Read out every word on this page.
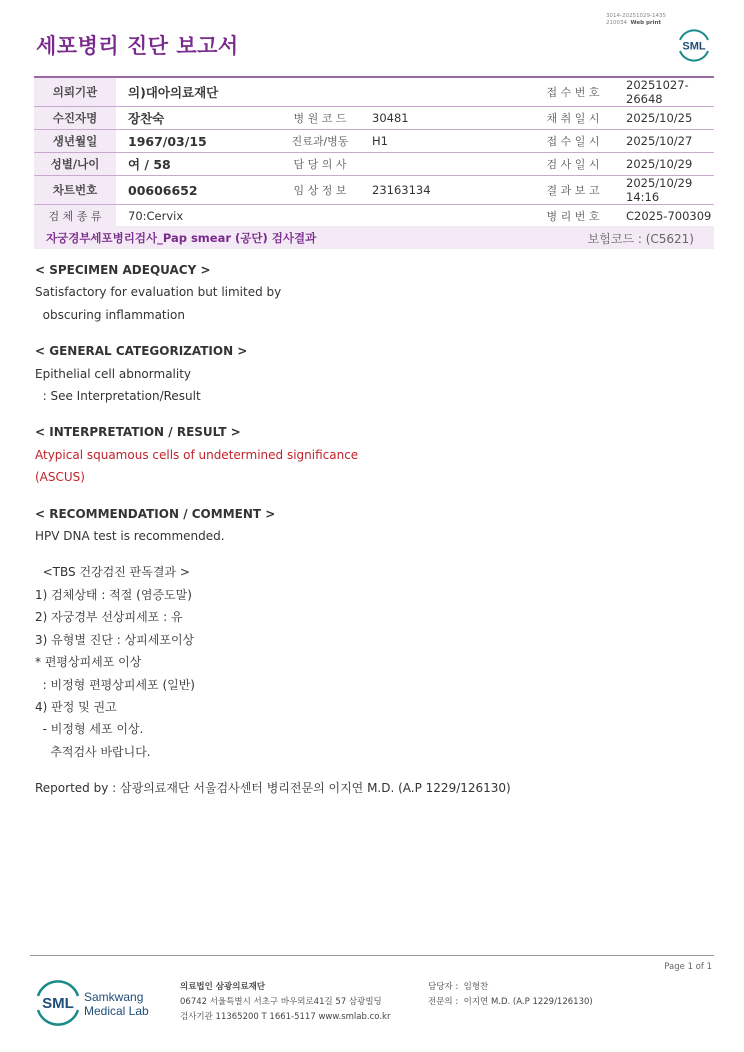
3014-20251029-1435
210034 Web print
세포병리 진단 보고서	SML
의뢰기관	의)대아의료재단			접 수 번 호	20251027-26648
수진자명	장찬숙	병 원 코 드	30481	채 취 일 시	2025/10/25
생년월일	1967/03/15	진료과/병동	H1	접 수 일 시	2025/10/27
성별/나이	여 / 58	담 당 의 사		검 사 일 시	2025/10/29
차트번호	00606652	임 상 정 보	23163134	결 과 보 고	2025/10/29 14:16
검 체 종 류	70:Cervix			병 리 번 호	C2025-700309
자궁경부세포병리검사_Pap smear (공단) 검사결과	보험코드 : (C5621)

< SPECIMEN ADEQUACY >

Satisfactory for evaluation but limited by

obscuring inflammation

< GENERAL CATEGORIZATION >

Epithelial cell abnormality

: See Interpretation/Result

< INTERPRETATION / RESULT >

Atypical squamous cells of undetermined significance

(ASCUS)

< RECOMMENDATION / COMMENT >

HPV DNA test is recommended.

<TBS 건강검진 판독결과 >

1) 검체상태 : 적절 (염증도말)

2) 자궁경부 선상피세포 : 유

3) 유형별 진단 : 상피세포이상

* 편평상피세포 이상

: 비정형 편평상피세포 (일반)

4) 판정 및 권고

- 비정형 세포 이상.

추적검사 바랍니다.

Reported by : 삼광의료재단 서울검사센터 병리전문의 이지연 M.D. (A.P 1229/126130)

Page 1 of 1
SML Samkwang
Medical Lab
의료법인 삼광의료재단
06742 서울특별시 서초구 바우뫼로41길 57 삼광빌딩
검사기관 11365200 T 1661-5117 www.smlab.co.kr
담당자 : 임형찬
전문의 : 이지연 M.D. (A.P 1229/126130)
